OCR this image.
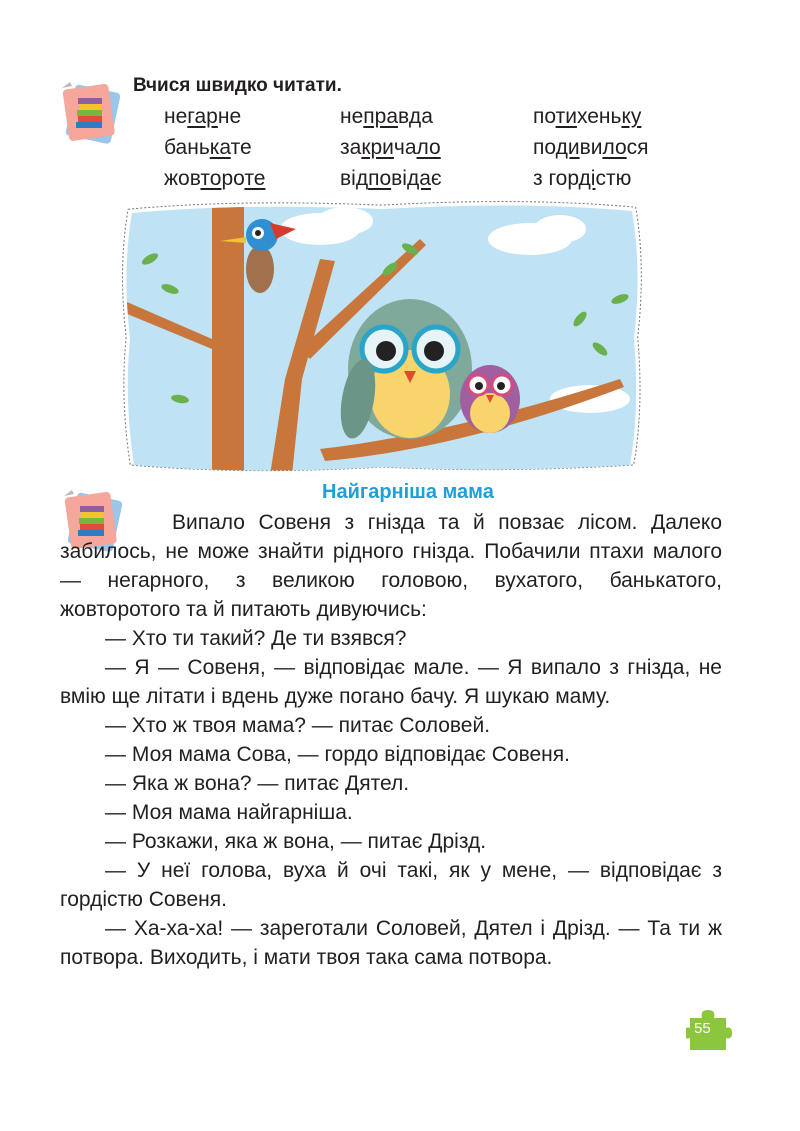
Вчися швидко читати.
негарне
банькате
жовтороте
неправда
закричало
відповідає
потихеньку
подивилося
з гордістю
Найгарніша мама

Випало Совеня з гнізда та й повзає лісом. Далеко забилось, не може знайти рідного гнізда. Побачили птахи малого — негарного, з великою головою, вухатого, банькатого, жовторотого та й питають дивуючись:

— Хто ти такий? Де ти взявся?

— Я — Совеня, — відповідає мале. — Я випало з гнізда, не вмію ще літати і вдень дуже погано бачу. Я шукаю маму.

— Хто ж твоя мама? — питає Соловей.

— Моя мама Сова, — гордо відповідає Совеня.

— Яка ж вона? — питає Дятел.

— Моя мама найгарніша.

— Розкажи, яка ж вона, — питає Дрізд.

— У неї голова, вуха й очі такі, як у мене, — відповідає з гордістю Совеня.

— Ха-ха-ха! — зареготали Соловей, Дятел і Дрізд. — Та ти ж потвора. Виходить, і мати твоя така сама потвора.

55
